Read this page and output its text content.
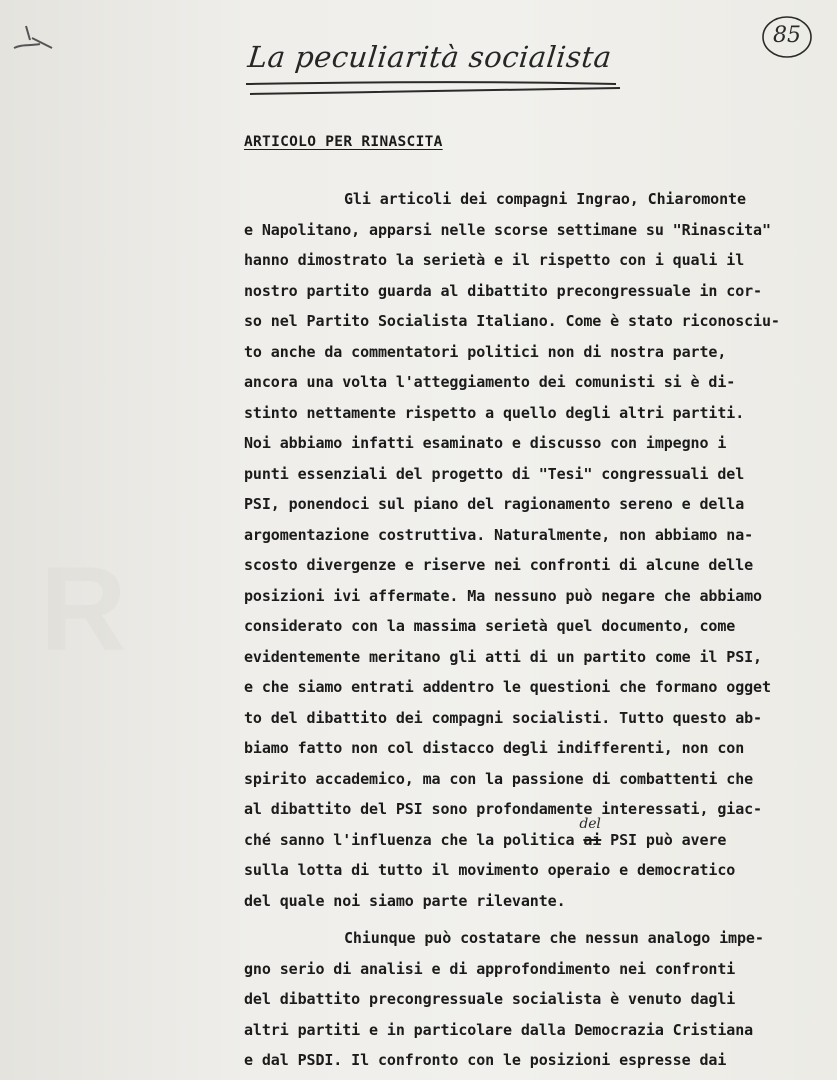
R
85
La peculiarità socialista
ARTICOLO PER RINASCITA
Gli articoli dei compagni Ingrao, Chiaromonte
e Napolitano, apparsi nelle scorse settimane su "Rinascita"
hanno dimostrato la serietà e il rispetto con i quali il
nostro partito guarda al dibattito precongressuale in cor-
so nel Partito Socialista Italiano. Come è stato riconosciu-
to anche da commentatori politici non di nostra parte,
ancora una volta l'atteggiamento dei comunisti si è di-
stinto nettamente rispetto a quello degli altri partiti.
Noi abbiamo infatti esaminato e discusso con impegno i
punti essenziali del progetto di "Tesi" congressuali del
PSI, ponendoci sul piano del ragionamento sereno e della
argomentazione costruttiva. Naturalmente, non abbiamo na-
scosto divergenze e riserve nei confronti di alcune delle
posizioni ivi affermate. Ma nessuno può negare che abbiamo
considerato con la massima serietà quel documento, come
evidentemente meritano gli atti di un partito come il PSI,
e che siamo entrati addentro le questioni che formano ogget
to del dibattito dei compagni socialisti. Tutto questo ab-
biamo fatto non col distacco degli indifferenti, non con
spirito accademico, ma con la passione di combattenti che
al dibattito del PSI sono profondamente interessati, giac-
ché sanno l'influenza che la politica ai
del
PSI può avere
sulla lotta di tutto il movimento operaio e democratico
del quale noi siamo parte rilevante.
Chiunque può costatare che nessun analogo impe-
gno serio di analisi e di approfondimento nei confronti
del dibattito precongressuale socialista è venuto dagli
altri partiti e in particolare dalla Democrazia Cristiana
e dal PSDI. Il confronto con le posizioni espresse dai
